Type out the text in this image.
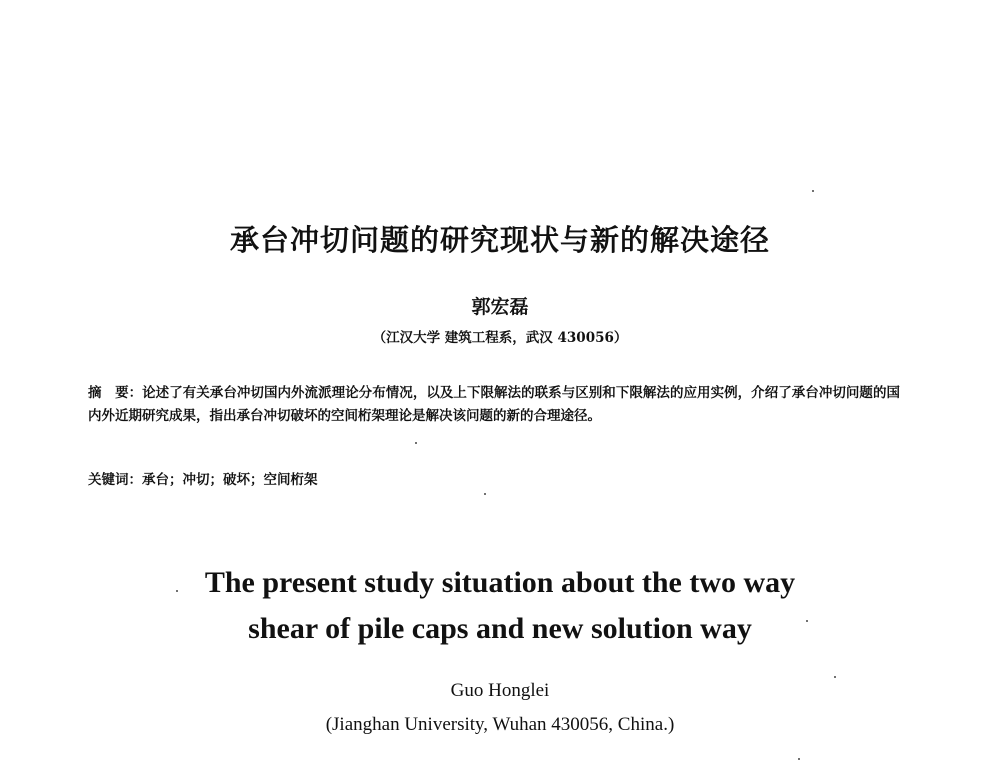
承台冲切问题的研究现状与新的解决途径
郭宏磊
（江汉大学 建筑工程系，武汉 430056）
摘　要：论述了有关承台冲切国内外流派理论分布情况，以及上下限解法的联系与区别和下限解法的应用实例，介绍了承台冲切问题的国内外近期研究成果，指出承台冲切破坏的空间桁架理论是解决该问题的新的合理途径。
关键词：承台；冲切；破坏；空间桁架
The present study situation about the two way
shear of pile caps and new solution way
Guo Honglei
(Jianghan University, Wuhan 430056, China.)
